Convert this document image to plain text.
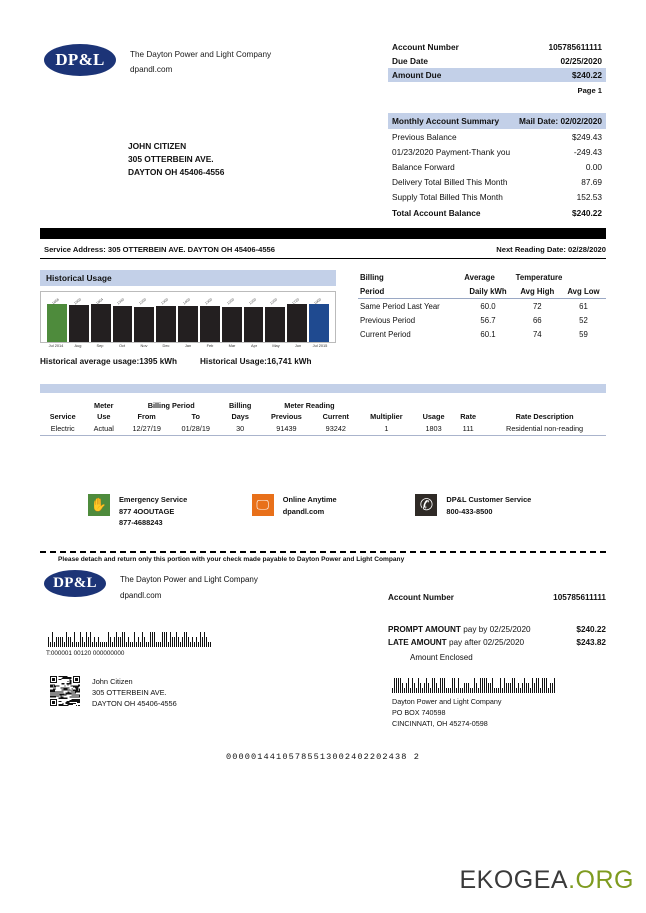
DP&L	The Dayton Power and Light Company
dpandl.com
Account Number	105785611111
Due Date	02/25/2020
Amount Due	$240.22
Page 1
Monthly Account Summary Mail Date: 02/02/2020
Previous Balance	$249.43
01/23/2020 Payment-Thank you	-249.43
Balance Forward	0.00
Delivery Total Billed This Month	87.69
Supply Total Billed This Month	152.53
Total Account Balance	$240.22
JOHN CITIZEN
305 OTTERBEIN AVE.
DAYTON OH 45406-4556
Service Address: 305 OTTERBEIN AVE. DAYTON OH 45406-4556	Next Reading Date: 02/28/2020
Historical Usage
1666	1500	1804	1340	1200	1300	1400	1300	1200	1200	1200	1720	1900
Jul 2014	Aug	Sep	Oct	Nov	Dec	Jan	Feb	Mar	Apr	May	Jun	Jul 2015
Historical average usage:1395 kWh	Historical Usage:16,741 kWh
Billing	Average	Temperature	
Period	Daily kWh	Avg High	Avg Low
Same Period Last Year	60.0	72	61
Previous Period	56.7	66	52
Current Period	60.1	74	59
	Meter	Billing Period		Billing	Meter Reading					
Service	Use	From	To	Days	Previous	Current	Multiplier	Usage	Rate	Rate Description
Electric	Actual	12/27/19	01/28/19	30	91439	93242	1	1803	111	Residential non-reading
✋	Emergency Service
877 4OOUTAGE
877-4688243
🖵	Online Anytime
dpandl.com	✆	DP&L Customer Service
800-433-8500
Please detach and return only this portion with your check made payable to Dayton Power and Light Company
DP&L	The Dayton Power and Light Company
dpandl.com	Account Number	105785611111
PROMPT AMOUNT pay by 02/25/2020	$240.22
LATE AMOUNT pay after 02/25/2020	$243.82
Amount Enclosed
T:000001 00120 000000000
John Citizen
305 OTTERBEIN AVE.
DAYTON OH 45406-4556	Dayton Power and Light Company
PO BOX 740598
CINCINNATI, OH 45274-0598
00000144105785513002402202438 2
EKOGEA.ORG
